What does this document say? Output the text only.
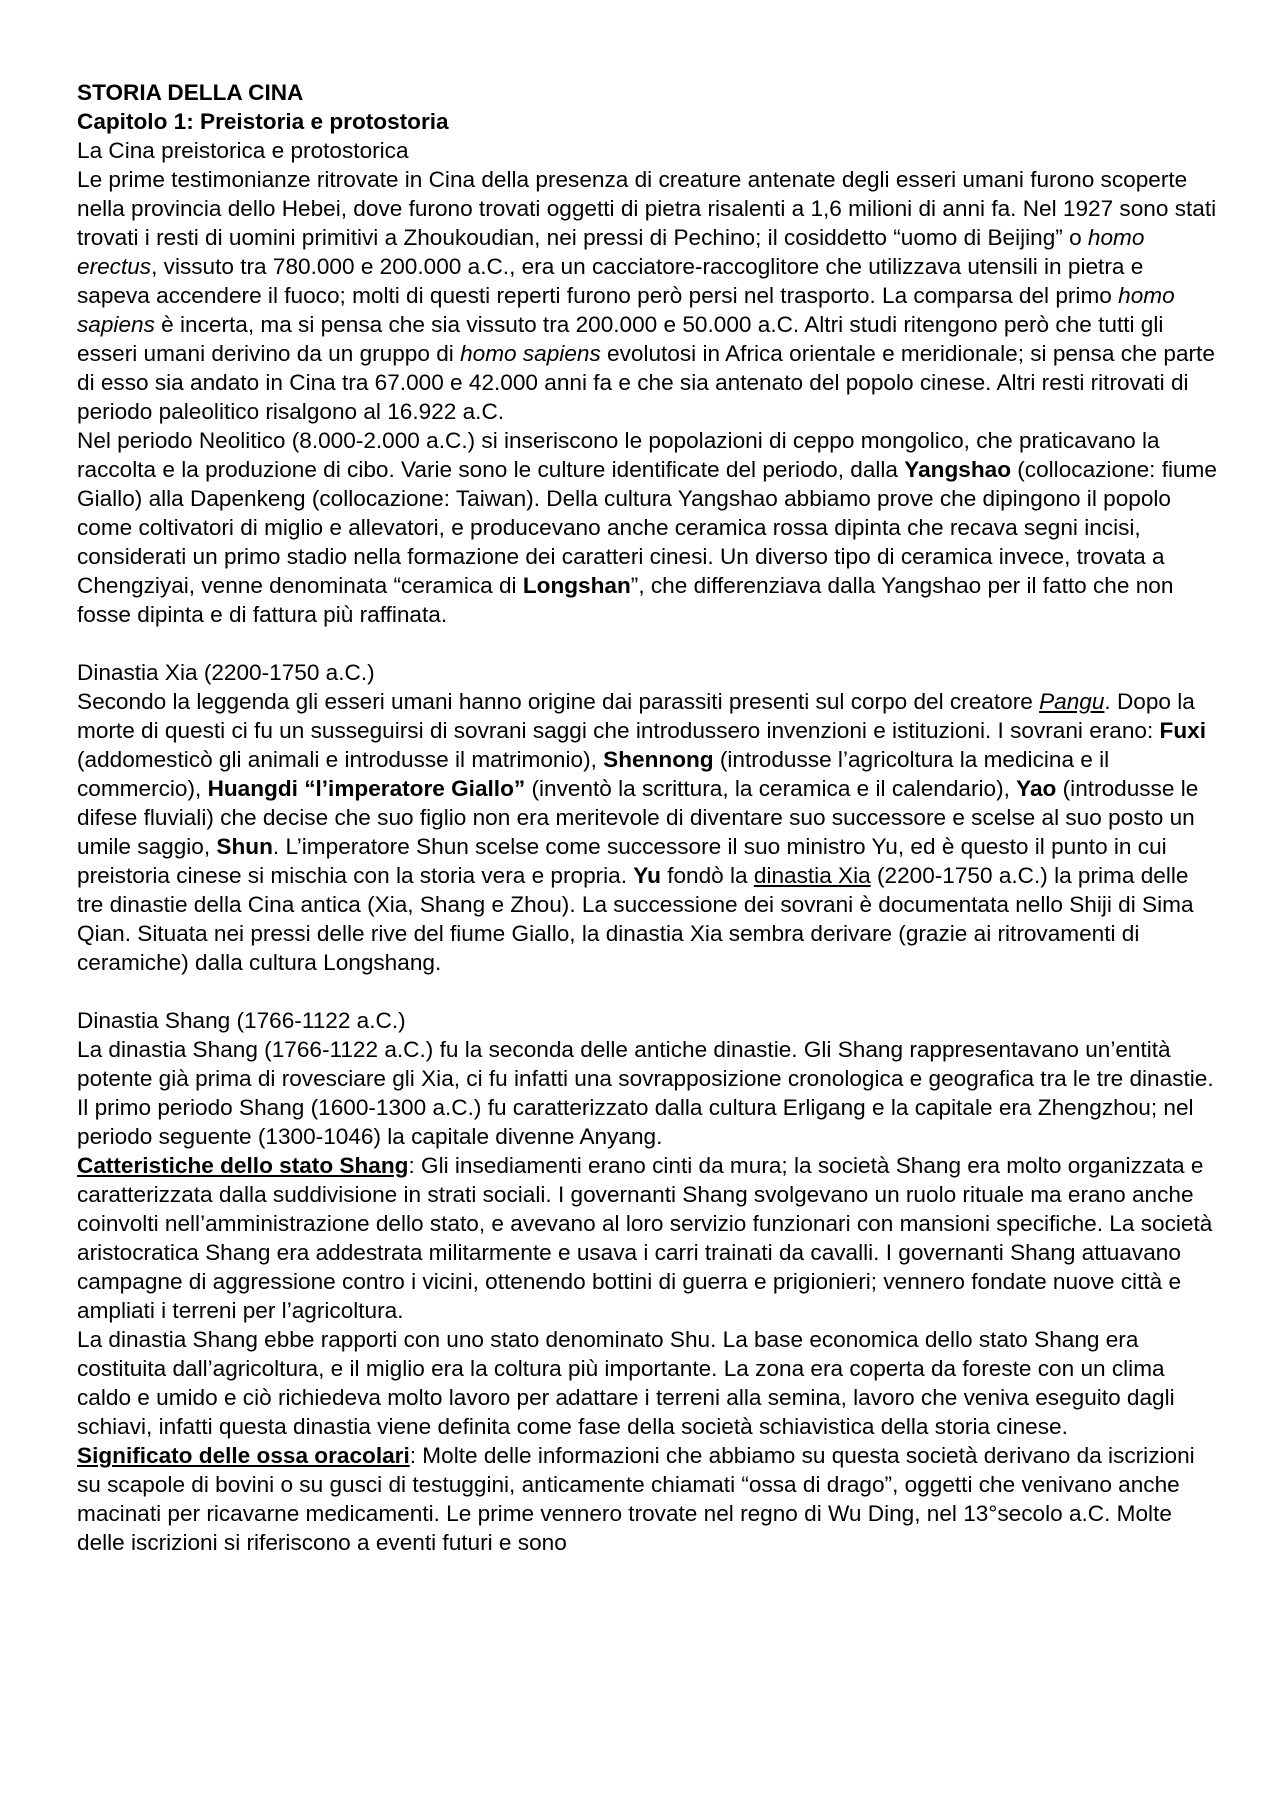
STORIA DELLA CINA

Capitolo 1: Preistoria e protostoria

La Cina preistorica e protostorica

Le prime testimonianze ritrovate in Cina della presenza di creature antenate degli esseri umani furono scoperte nella provincia dello Hebei, dove furono trovati oggetti di pietra risalenti a 1,6 milioni di anni fa. Nel 1927 sono stati trovati i resti di uomini primitivi a Zhoukoudian, nei pressi di Pechino; il cosiddetto “uomo di Beijing” o homo erectus, vissuto tra 780.000 e 200.000 a.C., era un cacciatore-raccoglitore che utilizzava utensili in pietra e sapeva accendere il fuoco; molti di questi reperti furono però persi nel trasporto. La comparsa del primo homo sapiens è incerta, ma si pensa che sia vissuto tra 200.000 e 50.000 a.C. Altri studi ritengono però che tutti gli esseri umani derivino da un gruppo di homo sapiens evolutosi in Africa orientale e meridionale; si pensa che parte di esso sia andato in Cina tra 67.000 e 42.000 anni fa e che sia antenato del popolo cinese. Altri resti ritrovati di periodo paleolitico risalgono al 16.922 a.C.

Nel periodo Neolitico (8.000-2.000 a.C.) si inseriscono le popolazioni di ceppo mongolico, che praticavano la raccolta e la produzione di cibo. Varie sono le culture identificate del periodo, dalla Yangshao (collocazione: fiume Giallo) alla Dapenkeng (collocazione: Taiwan). Della cultura Yangshao abbiamo prove che dipingono il popolo come coltivatori di miglio e allevatori, e producevano anche ceramica rossa dipinta che recava segni incisi, considerati un primo stadio nella formazione dei caratteri cinesi. Un diverso tipo di ceramica invece, trovata a Chengziyai, venne denominata “ceramica di Longshan”, che differenziava dalla Yangshao per il fatto che non fosse dipinta e di fattura più raffinata.

Dinastia Xia (2200-1750 a.C.)

Secondo la leggenda gli esseri umani hanno origine dai parassiti presenti sul corpo del creatore Pangu. Dopo la morte di questi ci fu un susseguirsi di sovrani saggi che introdussero invenzioni e istituzioni. I sovrani erano: Fuxi (addomesticò gli animali e introdusse il matrimonio), Shennong (introdusse l’agricoltura la medicina e il commercio), Huangdi “l’imperatore Giallo” (inventò la scrittura, la ceramica e il calendario), Yao (introdusse le difese fluviali) che decise che suo figlio non era meritevole di diventare suo successore e scelse al suo posto un umile saggio, Shun. L’imperatore Shun scelse come successore il suo ministro Yu, ed è questo il punto in cui preistoria cinese si mischia con la storia vera e propria. Yu fondò la dinastia Xia (2200-1750 a.C.) la prima delle tre dinastie della Cina antica (Xia, Shang e Zhou). La successione dei sovrani è documentata nello Shiji di Sima Qian. Situata nei pressi delle rive del fiume Giallo, la dinastia Xia sembra derivare (grazie ai ritrovamenti di ceramiche) dalla cultura Longshang.

Dinastia Shang (1766-1122 a.C.)

La dinastia Shang (1766-1122 a.C.) fu la seconda delle antiche dinastie. Gli Shang rappresentavano un’entità potente già prima di rovesciare gli Xia, ci fu infatti una sovrapposizione cronologica e geografica tra le tre dinastie. Il primo periodo Shang (1600-1300 a.C.) fu caratterizzato dalla cultura Erligang e la capitale era Zhengzhou; nel periodo seguente (1300-1046) la capitale divenne Anyang.

Catteristiche dello stato Shang: Gli insediamenti erano cinti da mura; la società Shang era molto organizzata e caratterizzata dalla suddivisione in strati sociali. I governanti Shang svolgevano un ruolo rituale ma erano anche coinvolti nell’amministrazione dello stato, e avevano al loro servizio funzionari con mansioni specifiche. La società aristocratica Shang era addestrata militarmente e usava i carri trainati da cavalli. I governanti Shang attuavano campagne di aggressione contro i vicini, ottenendo bottini di guerra e prigionieri; vennero fondate nuove città e ampliati i terreni per l’agricoltura.

La dinastia Shang ebbe rapporti con uno stato denominato Shu. La base economica dello stato Shang era costituita dall’agricoltura, e il miglio era la coltura più importante. La zona era coperta da foreste con un clima caldo e umido e ciò richiedeva molto lavoro per adattare i terreni alla semina, lavoro che veniva eseguito dagli schiavi, infatti questa dinastia viene definita come fase della società schiavistica della storia cinese.

Significato delle ossa oracolari: Molte delle informazioni che abbiamo su questa società derivano da iscrizioni su scapole di bovini o su gusci di testuggini, anticamente chiamati “ossa di drago”, oggetti che venivano anche macinati per ricavarne medicamenti. Le prime vennero trovate nel regno di Wu Ding, nel 13°secolo a.C. Molte delle iscrizioni si riferiscono a eventi futuri e sono
